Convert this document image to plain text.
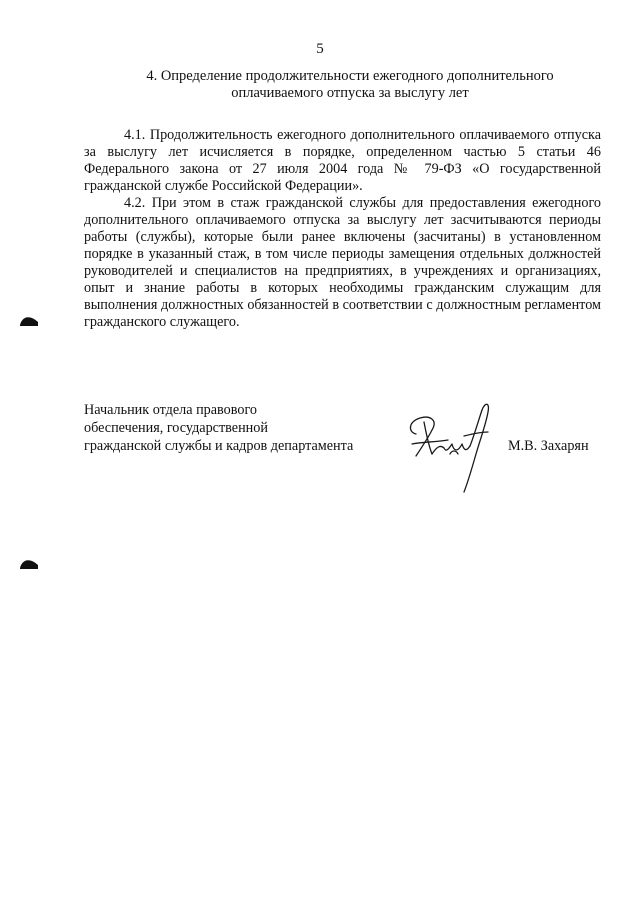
5
4. Определение продолжительности ежегодного дополнительного
оплачиваемого отпуска за выслугу лет

4.1. Продолжительность ежегодного дополнительного оплачиваемого отпуска за выслугу лет исчисляется в порядке, определенном частью 5 статьи 46 Федерального закона от 27 июля 2004 года № 79-ФЗ «О государственной гражданской службе Российской Федерации».

4.2. При этом в стаж гражданской службы для предоставления ежегодного дополнительного оплачиваемого отпуска за выслугу лет засчитываются периоды работы (службы), которые были ранее включены (засчитаны) в установленном порядке в указанный стаж, в том числе периоды замещения отдельных должностей руководителей и специалистов на предприятиях, в учреждениях и организациях, опыт и знание работы в которых необходимы гражданским служащим для выполнения должностных обязанностей в соответствии с должностным регламентом гражданского служащего.

Начальник отдела правового
обеспечения, государственной
гражданской службы и кадров департамента	М.В. Захарян
